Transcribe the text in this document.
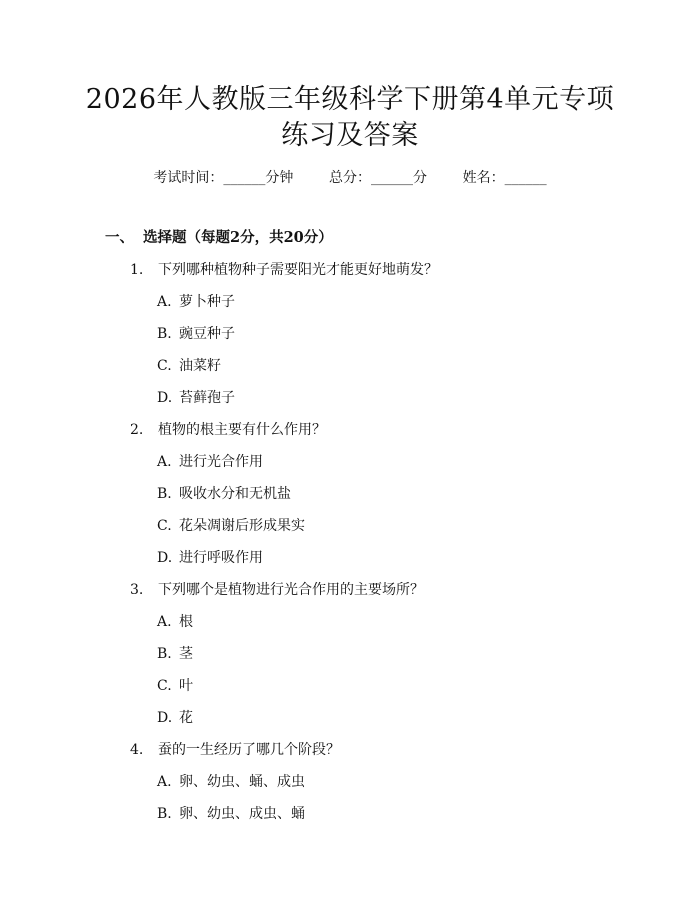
2026年人教版三年级科学下册第4单元专项
练习及答案
考试时间：______分钟	总分：______分	姓名：______
一、 选择题（每题2分，共20分）
1. 下列哪种植物种子需要阳光才能更好地萌发？
A. 萝卜种子
B. 豌豆种子
C. 油菜籽
D. 苔藓孢子
2. 植物的根主要有什么作用？
A. 进行光合作用
B. 吸收水分和无机盐
C. 花朵凋谢后形成果实
D. 进行呼吸作用
3. 下列哪个是植物进行光合作用的主要场所？
A. 根
B. 茎
C. 叶
D. 花
4. 蚕的一生经历了哪几个阶段？
A. 卵、幼虫、蛹、成虫
B. 卵、幼虫、成虫、蛹
